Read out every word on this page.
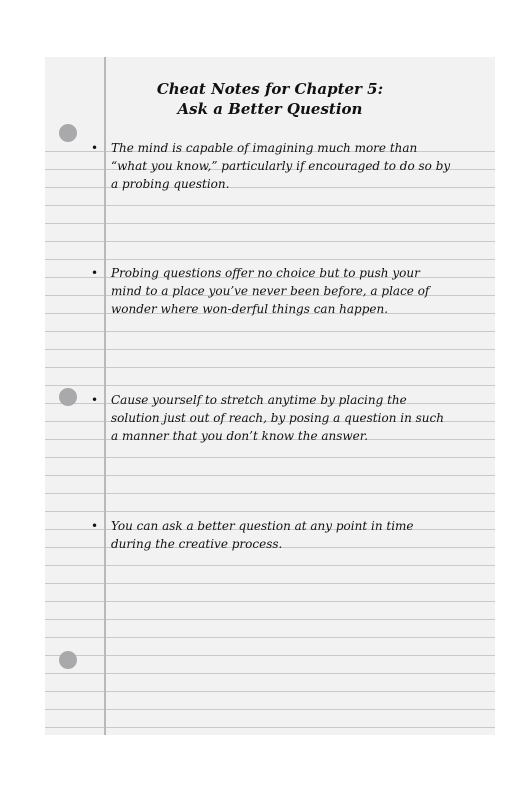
Cheat Notes for Chapter 5:
Ask a Better Question
• The mind is capable of imagining much more than “what you know,” particularly if encouraged to do so by a probing question.
• Probing questions offer no choice but to push your mind to a place you’ve never been before, a place of wonder where won-derful things can happen.
• Cause yourself to stretch anytime by placing the solution just out of reach, by posing a question in such a manner that you don’t know the answer.
• You can ask a better question at any point in time during the creative process.
